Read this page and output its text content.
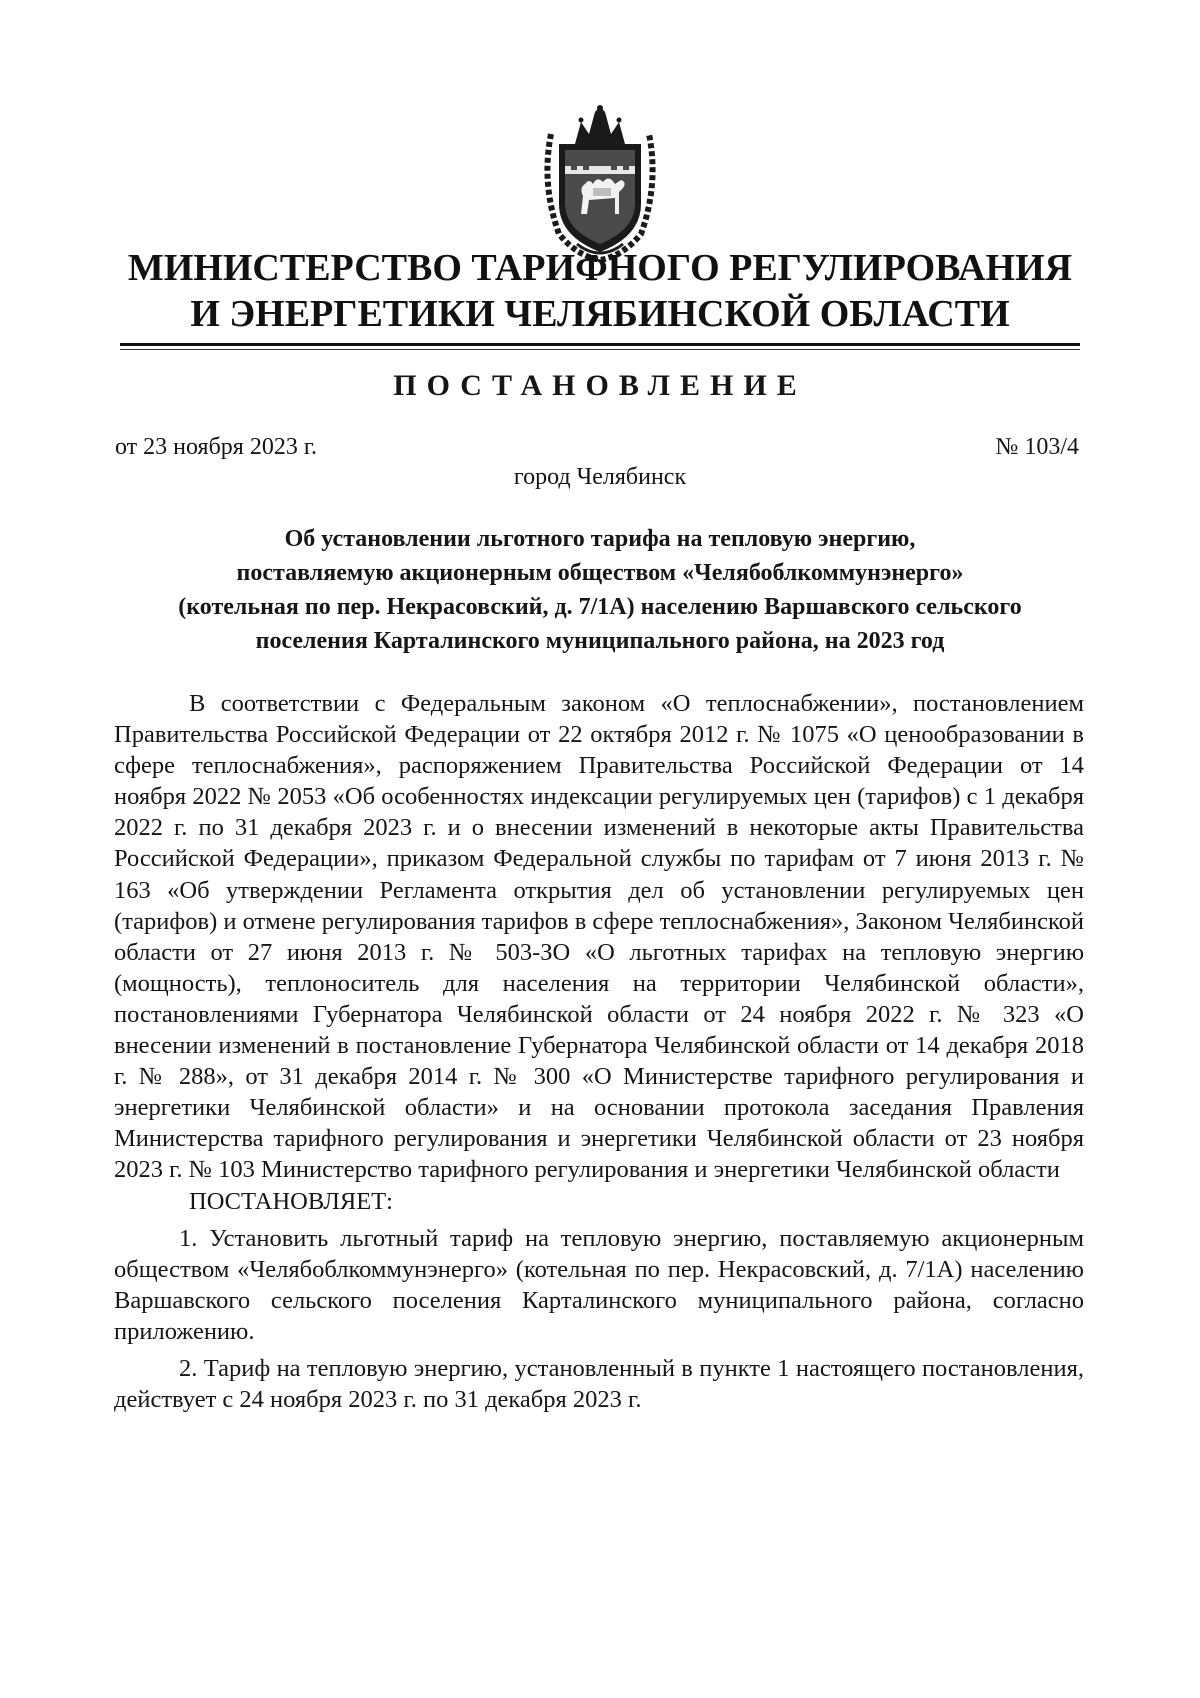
МИНИСТЕРСТВО ТАРИФНОГО РЕГУЛИРОВАНИЯ
И ЭНЕРГЕТИКИ ЧЕЛЯБИНСКОЙ ОБЛАСТИ
ПОСТАНОВЛЕНИЕ
от 23 ноября 2023 г.	№ 103/4
город Челябинск
Об установлении льготного тарифа на тепловую энергию,
поставляемую акционерным обществом «Челябоблкоммунэнерго»
(котельная по пер. Некрасовский, д. 7/1А) населению Варшавского сельского
поселения Карталинского муниципального района, на 2023 год

В соответствии с Федеральным законом «О теплоснабжении», постановлением Правительства Российской Федерации от 22 октября 2012 г. № 1075 «О ценообразовании в сфере теплоснабжения», распоряжением Правительства Российской Федерации от 14 ноября 2022 № 2053 «Об особенностях индексации регулируемых цен (тарифов) с 1 декабря 2022 г. по 31 декабря 2023 г. и о внесении изменений в некоторые акты Правительства Российской Федерации», приказом Федеральной службы по тарифам от 7 июня 2013 г. № 163 «Об утверждении Регламента открытия дел об установлении регулируемых цен (тарифов) и отмене регулирования тарифов в сфере теплоснабжения», Законом Челябинской области от 27 июня 2013 г. № 503-ЗО «О льготных тарифах на тепловую энергию (мощность), теплоноситель для населения на территории Челябинской области», постановлениями Губернатора Челябинской области от 24 ноября 2022 г. № 323 «О внесении изменений в постановление Губернатора Челябинской области от 14 декабря 2018 г. № 288», от 31 декабря 2014 г. № 300 «О Министерстве тарифного регулирования и энергетики Челябинской области» и на основании протокола заседания Правления Министерства тарифного регулирования и энергетики Челябинской области от 23 ноября 2023 г. № 103 Министерство тарифного регулирования и энергетики Челябинской области

ПОСТАНОВЛЯЕТ:

1. Установить льготный тариф на тепловую энергию, поставляемую акционерным обществом «Челябоблкоммунэнерго» (котельная по пер. Некрасовский, д. 7/1А) населению Варшавского сельского поселения Карталинского муниципального района, согласно приложению.

2. Тариф на тепловую энергию, установленный в пункте 1 настоящего постановления, действует с 24 ноября 2023 г. по 31 декабря 2023 г.
